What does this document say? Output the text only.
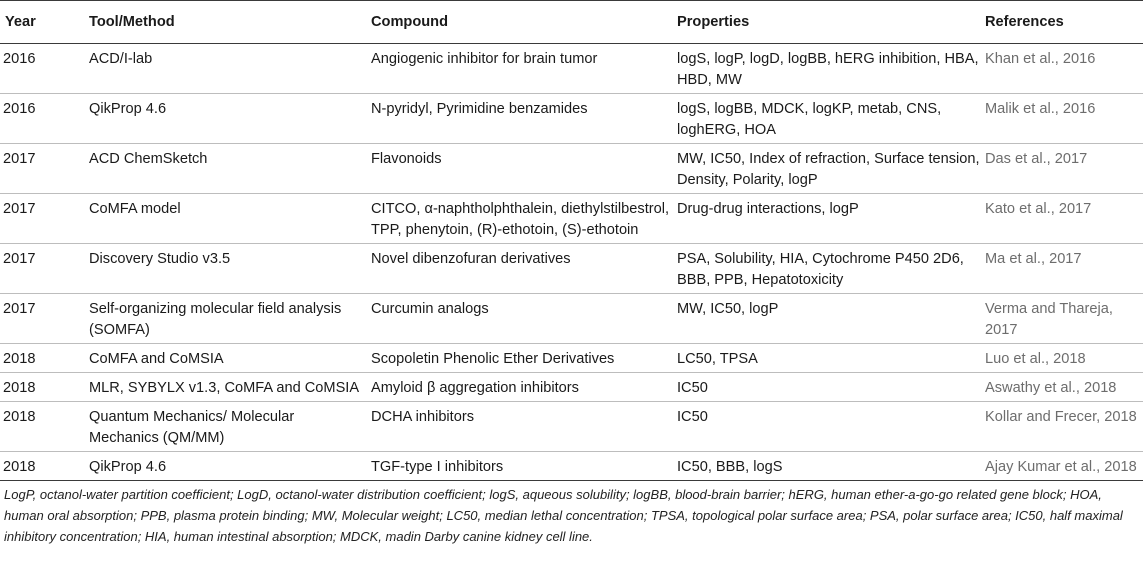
Year	Tool/Method	Compound	Properties	References
2016	ACD/I-lab	Angiogenic inhibitor for brain tumor	logS, logP, logD, logBB, hERG inhibition, HBA, HBD, MW	Khan et al., 2016
2016	QikProp 4.6	N-pyridyl, Pyrimidine benzamides	logS, logBB, MDCK, logKP, metab, CNS, loghERG, HOA	Malik et al., 2016
2017	ACD ChemSketch	Flavonoids	MW, IC50, Index of refraction, Surface tension, Density, Polarity, logP	Das et al., 2017
2017	CoMFA model	CITCO, α-naphtholphthalein, diethylstilbestrol, TPP, phenytoin, (R)-ethotoin, (S)-ethotoin	Drug-drug interactions, logP	Kato et al., 2017
2017	Discovery Studio v3.5	Novel dibenzofuran derivatives	PSA, Solubility, HIA, Cytochrome P450 2D6, BBB, PPB, Hepatotoxicity	Ma et al., 2017
2017	Self-organizing molecular field analysis (SOMFA)	Curcumin analogs	MW, IC50, logP	Verma and Thareja, 2017
2018	CoMFA and CoMSIA	Scopoletin Phenolic Ether Derivatives	LC50, TPSA	Luo et al., 2018
2018	MLR, SYBYLX v1.3, CoMFA and CoMSIA	Amyloid β aggregation inhibitors	IC50	Aswathy et al., 2018
2018	Quantum Mechanics/ Molecular Mechanics (QM/MM)	DCHA inhibitors	IC50	Kollar and Frecer, 2018
2018	QikProp 4.6	TGF-type I inhibitors	IC50, BBB, logS	Ajay Kumar et al., 2018
LogP, octanol-water partition coefficient; LogD, octanol-water distribution coefficient; logS, aqueous solubility; logBB, blood-brain barrier; hERG, human ether-a-go-go related gene block; HOA, human oral absorption; PPB, plasma protein binding; MW, Molecular weight; LC50, median lethal concentration; TPSA, topological polar surface area; PSA, polar surface area; IC50, half maximal inhibitory concentration; HIA, human intestinal absorption; MDCK, madin Darby canine kidney cell line.
